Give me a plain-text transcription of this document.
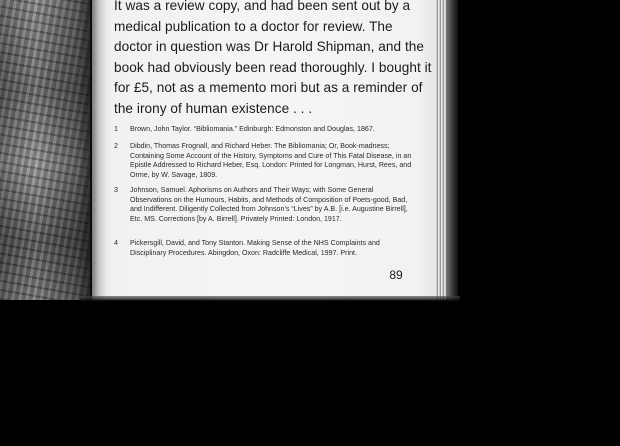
It was a review copy, and had been sent out by a medical publication to a doctor for review. The doctor in question was Dr Harold Shipman, and the book had obviously been read thoroughly. I bought it for £5, not as a memento mori but as a reminder of the irony of human existence . . .

1	Brown, John Taylor. “Bibliomania.” Edinburgh: Edmonston and Douglas, 1867.
2	Dibdin, Thomas Frognall, and Richard Heber. The Bibliomania; Or, Book-madness; Containing Some Account of the History, Symptoms and Cure of This Fatal Disease, in an Epistle Addressed to Richard Heber, Esq. London: Printed for Longman, Hurst, Rees, and Orme, by W. Savage, 1809.
3	Johnson, Samuel. Aphorisms on Authors and Their Ways; with Some General Observations on the Humours, Habits, and Methods of Composition of Poets-good, Bad, and Indifferent. Diligently Collected from Johnson’s “Lives” by A.B. [i.e. Augustine Birrell], Etc. MS. Corrections [by A. Birrell]. Privately Printed: London, 1917.
4	Pickersgill, David, and Tony Stanton. Making Sense of the NHS Complaints and Disciplinary Procedures. Abingdon, Oxon: Radcliffe Medical, 1997. Print.
89
